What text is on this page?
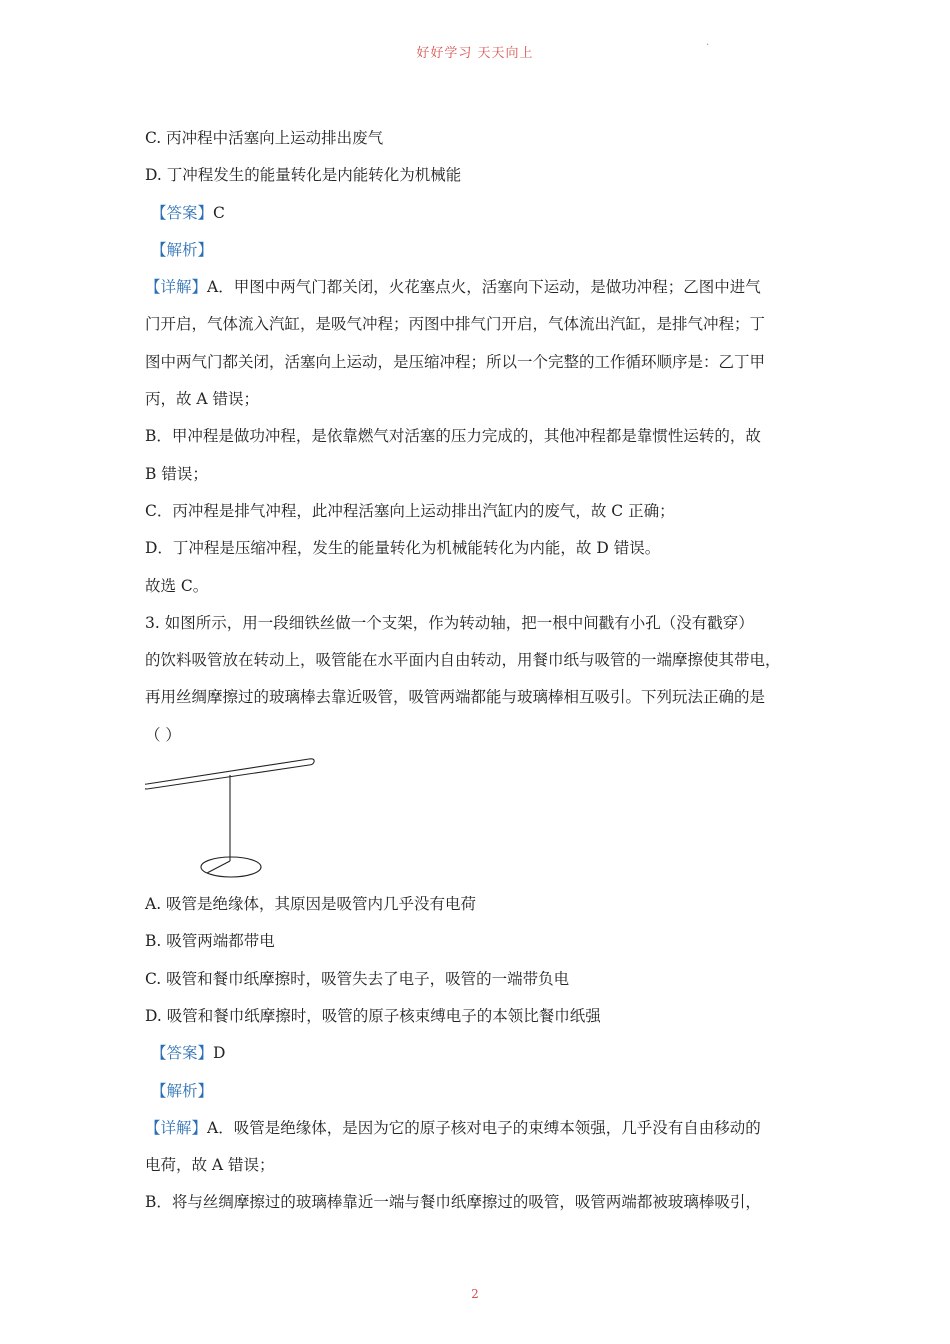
好好学习 天天向上
·
C. 丙冲程中活塞向上运动排出废气
D. 丁冲程发生的能量转化是内能转化为机械能
【答案】C
【解析】
【详解】A．甲图中两气门都关闭，火花塞点火，活塞向下运动，是做功冲程；乙图中进气
门开启，气体流入汽缸，是吸气冲程；丙图中排气门开启，气体流出汽缸，是排气冲程；丁
图中两气门都关闭，活塞向上运动，是压缩冲程；所以一个完整的工作循环顺序是：乙丁甲
丙，故 A 错误；
B．甲冲程是做功冲程，是依靠燃气对活塞的压力完成的，其他冲程都是靠惯性运转的，故
B 错误；
C．丙冲程是排气冲程，此冲程活塞向上运动排出汽缸内的废气，故 C 正确；
D．丁冲程是压缩冲程，发生的能量转化为机械能转化为内能，故 D 错误。
故选 C。
3. 如图所示，用一段细铁丝做一个支架，作为转动轴，把一根中间戳有小孔（没有戳穿）
的饮料吸管放在转动上，吸管能在水平面内自由转动，用餐巾纸与吸管的一端摩擦使其带电，
再用丝绸摩擦过的玻璃棒去靠近吸管，吸管两端都能与玻璃棒相互吸引。下列玩法正确的是
（ ）
A. 吸管是绝缘体，其原因是吸管内几乎没有电荷
B. 吸管两端都带电
C. 吸管和餐巾纸摩擦时，吸管失去了电子，吸管的一端带负电
D. 吸管和餐巾纸摩擦时，吸管的原子核束缚电子的本领比餐巾纸强
【答案】D
【解析】
【详解】A．吸管是绝缘体，是因为它的原子核对电子的束缚本领强，几乎没有自由移动的
电荷，故 A 错误；
B．将与丝绸摩擦过的玻璃棒靠近一端与餐巾纸摩擦过的吸管，吸管两端都被玻璃棒吸引，
2
